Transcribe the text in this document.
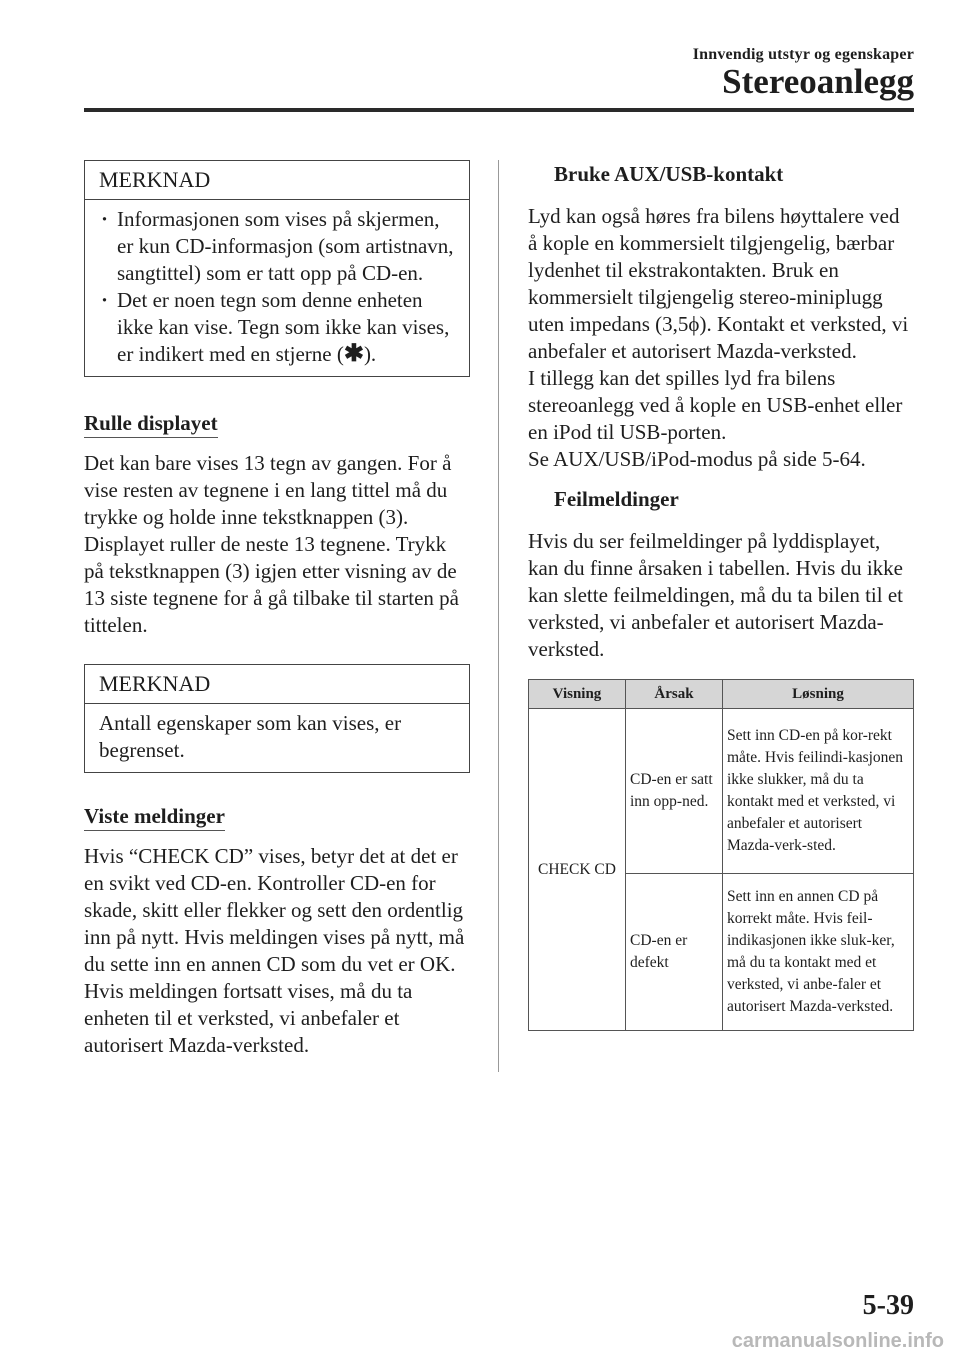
Innvendig utstyr og egenskaper
Stereoanlegg
MERKNAD
· Informasjonen som vises på skjermen, er kun CD-informasjon (som artistnavn, sangtittel) som er tatt opp på CD-en.
· Det er noen tegn som denne enheten ikke kan vise. Tegn som ikke kan vises, er indikert med en stjerne (✱).
Rulle displayet

Det kan bare vises 13 tegn av gangen. For å vise resten av tegnene i en lang tittel må du trykke og holde inne tekstknappen (3). Displayet ruller de neste 13 tegnene. Trykk på tekstknappen (3) igjen etter visning av de 13 siste tegnene for å gå tilbake til starten på tittelen.

MERKNAD
Antall egenskaper som kan vises, er begrenset.
Viste meldinger

Hvis “CHECK CD” vises, betyr det at det er en svikt ved CD-en. Kontroller CD-en for skade, skitt eller flekker og sett den ordentlig inn på nytt. Hvis meldingen vises på nytt, må du sette inn en annen CD som du vet er OK. Hvis meldingen fortsatt vises, må du ta enheten til et verksted, vi anbefaler et autorisert Mazda-verksted.

Bruke AUX/USB-kontakt

Lyd kan også høres fra bilens høyttalere ved å kople en kommersielt tilgjengelig, bærbar lydenhet til ekstrakontakten. Bruk en kommersielt tilgjengelig stereo-miniplugg uten impedans (3,5ϕ). Kontakt et verksted, vi anbefaler et autorisert Mazda-verksted.

I tillegg kan det spilles lyd fra bilens stereoanlegg ved å kople en USB-enhet eller en iPod til USB-porten.

Se AUX/USB/iPod-modus på side 5-64.

Feilmeldinger

Hvis du ser feilmeldinger på lyddisplayet, kan du finne årsaken i tabellen. Hvis du ikke kan slette feilmeldingen, må du ta bilen til et verksted, vi anbefaler et autorisert Mazda-verksted.

Visning	Årsak	Løsning
CHECK CD	CD-en er satt inn opp-ned.	Sett inn CD-en på kor-rekt måte. Hvis feilindi-kasjonen ikke slukker, må du ta kontakt med et verksted, vi anbefaler et autorisert Mazda-verk-sted.
	CD-en er defekt	Sett inn en annen CD på korrekt måte. Hvis feil-indikasjonen ikke sluk-ker, må du ta kontakt med et verksted, vi anbe-faler et autorisert Mazda-verksted.
5-39
carmanualsonline.info
